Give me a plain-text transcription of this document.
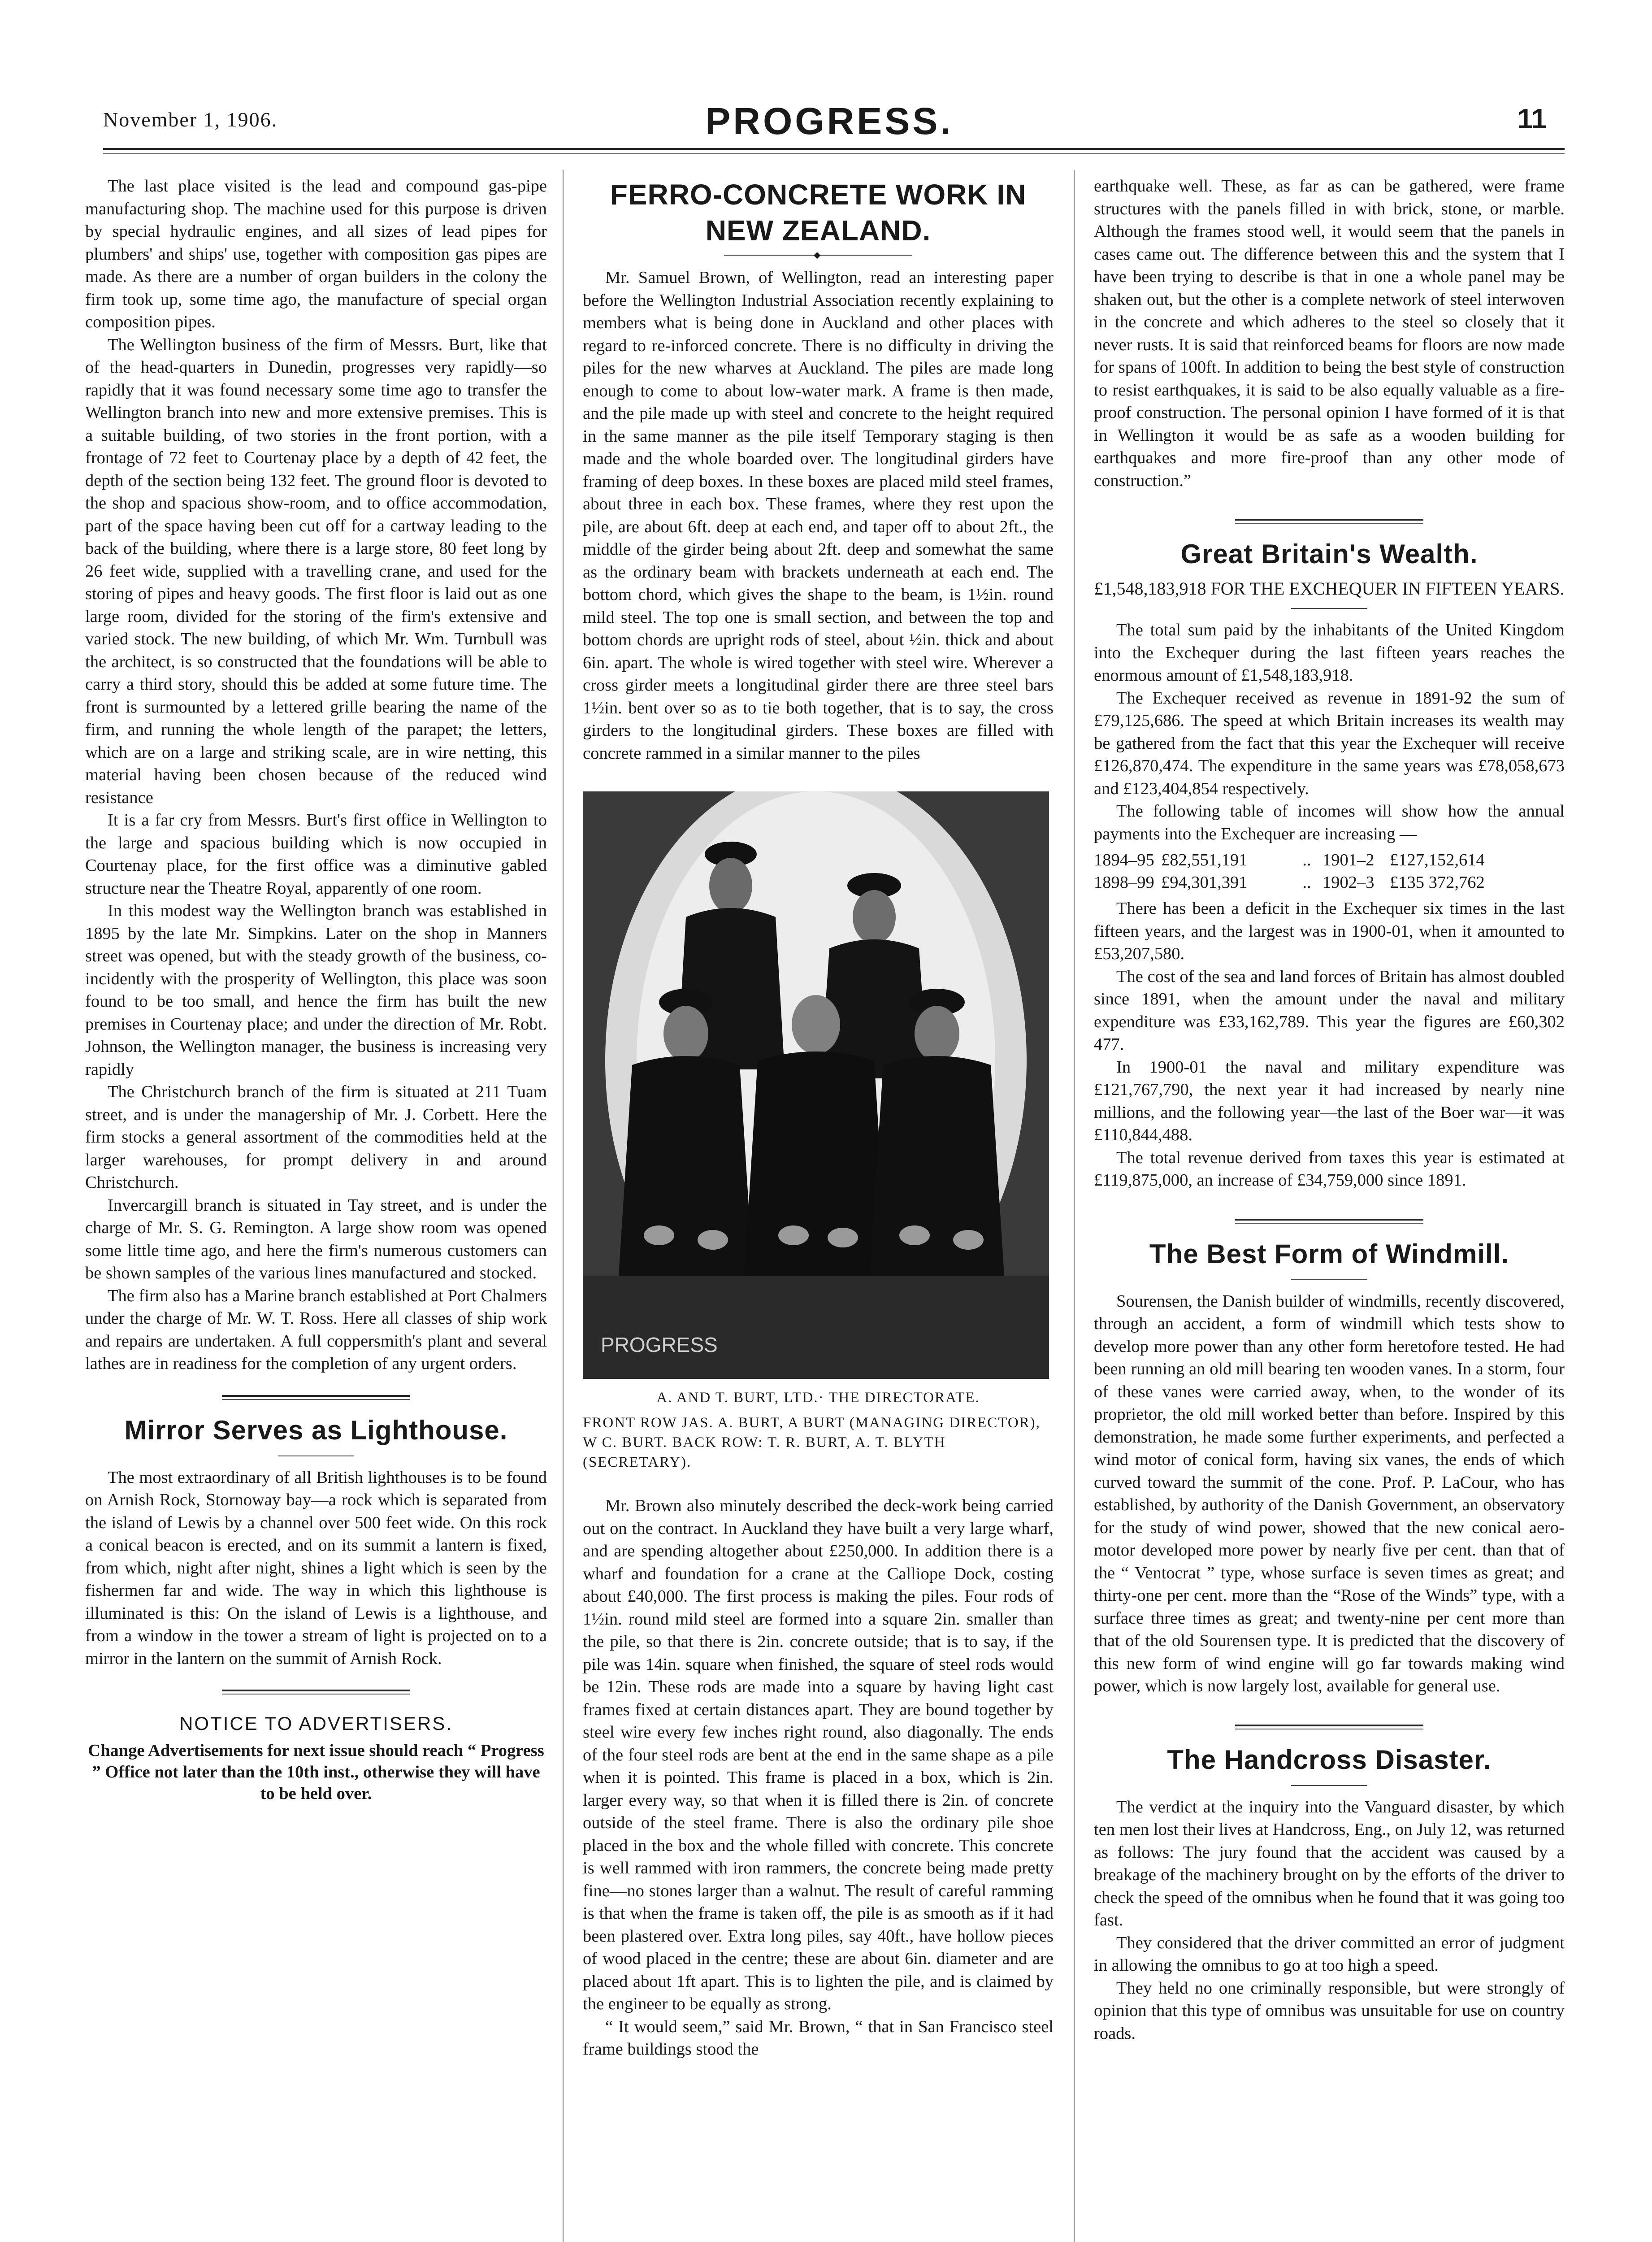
November 1, 1906.	PROGRESS.	11

The last place visited is the lead and compound gas-pipe manufacturing shop. The machine used for this purpose is driven by special hydraulic engines, and all sizes of lead pipes for plumbers' and ships' use, together with composition gas pipes are made. As there are a number of organ builders in the colony the firm took up, some time ago, the manufacture of special organ composition pipes.

The Wellington business of the firm of Messrs. Burt, like that of the head-quarters in Dunedin, progresses very rapidly—so rapidly that it was found necessary some time ago to transfer the Wellington branch into new and more extensive premises. This is a suitable building, of two stories in the front portion, with a frontage of 72 feet to Courtenay place by a depth of 42 feet, the depth of the section being 132 feet. The ground floor is devoted to the shop and spacious show-room, and to office accommodation, part of the space having been cut off for a cartway leading to the back of the building, where there is a large store, 80 feet long by 26 feet wide, supplied with a travelling crane, and used for the storing of pipes and heavy goods. The first floor is laid out as one large room, divided for the storing of the firm's extensive and varied stock. The new building, of which Mr. Wm. Turnbull was the architect, is so constructed that the foundations will be able to carry a third story, should this be added at some future time. The front is surmounted by a lettered grille bearing the name of the firm, and running the whole length of the parapet; the letters, which are on a large and striking scale, are in wire netting, this material having been chosen because of the reduced wind resistance

It is a far cry from Messrs. Burt's first office in Wellington to the large and spacious building which is now occupied in Courtenay place, for the first office was a diminutive gabled structure near the Theatre Royal, apparently of one room.

In this modest way the Wellington branch was established in 1895 by the late Mr. Simpkins. Later on the shop in Manners street was opened, but with the steady growth of the business, co-incidently with the prosperity of Wellington, this place was soon found to be too small, and hence the firm has built the new premises in Courtenay place; and under the direction of Mr. Robt. Johnson, the Wellington manager, the business is increasing very rapidly

The Christchurch branch of the firm is situated at 211 Tuam street, and is under the managership of Mr. J. Corbett. Here the firm stocks a general assortment of the commodities held at the larger warehouses, for prompt delivery in and around Christchurch.

Invercargill branch is situated in Tay street, and is under the charge of Mr. S. G. Remington. A large show room was opened some little time ago, and here the firm's numerous customers can be shown samples of the various lines manufactured and stocked.

The firm also has a Marine branch established at Port Chalmers under the charge of Mr. W. T. Ross. Here all classes of ship work and repairs are undertaken. A full coppersmith's plant and several lathes are in readiness for the completion of any urgent orders.

Mirror Serves as Lighthouse.

The most extraordinary of all British lighthouses is to be found on Arnish Rock, Stornoway bay—a rock which is separated from the island of Lewis by a channel over 500 feet wide. On this rock a conical beacon is erected, and on its summit a lantern is fixed, from which, night after night, shines a light which is seen by the fishermen far and wide. The way in which this lighthouse is illuminated is this: On the island of Lewis is a lighthouse, and from a window in the tower a stream of light is projected on to a mirror in the lantern on the summit of Arnish Rock.

NOTICE TO ADVERTISERS.

Change Advertisements for next issue should reach “ Progress ” Office not later than the 10th inst., otherwise they will have to be held over.

FERRO-CONCRETE WORK IN NEW ZEALAND.
◆

Mr. Samuel Brown, of Wellington, read an interesting paper before the Wellington Industrial Association recently explaining to members what is being done in Auckland and other places with regard to re-inforced concrete. There is no difficulty in driving the piles for the new wharves at Auckland. The piles are made long enough to come to about low-water mark. A frame is then made, and the pile made up with steel and concrete to the height required in the same manner as the pile itself Temporary staging is then made and the whole boarded over. The longitudinal girders have framing of deep boxes. In these boxes are placed mild steel frames, about three in each box. These frames, where they rest upon the pile, are about 6ft. deep at each end, and taper off to about 2ft., the middle of the girder being about 2ft. deep and somewhat the same as the ordinary beam with brackets underneath at each end. The bottom chord, which gives the shape to the beam, is 1½in. round mild steel. The top one is small section, and between the top and bottom chords are upright rods of steel, about ½in. thick and about 6in. apart. The whole is wired together with steel wire. Wherever a cross girder meets a longitudinal girder there are three steel bars 1½in. bent over so as to tie both together, that is to say, the cross girders to the longitudinal girders. These boxes are filled with concrete rammed in a similar manner to the piles

PROGRESS

A. AND T. BURT, LTD.· THE DIRECTORATE.

FRONT ROW JAS. A. BURT, A BURT (MANAGING DIRECTOR), W C. BURT. BACK ROW: T. R. BURT, A. T. BLYTH (SECRETARY).

Mr. Brown also minutely described the deck-work being carried out on the contract. In Auckland they have built a very large wharf, and are spending altogether about £250,000. In addition there is a wharf and foundation for a crane at the Calliope Dock, costing about £40,000. The first process is making the piles. Four rods of 1½in. round mild steel are formed into a square 2in. smaller than the pile, so that there is 2in. concrete outside; that is to say, if the pile was 14in. square when finished, the square of steel rods would be 12in. These rods are made into a square by having light cast frames fixed at certain distances apart. They are bound together by steel wire every few inches right round, also diagonally. The ends of the four steel rods are bent at the end in the same shape as a pile when it is pointed. This frame is placed in a box, which is 2in. larger every way, so that when it is filled there is 2in. of concrete outside of the steel frame. There is also the ordinary pile shoe placed in the box and the whole filled with concrete. This concrete is well rammed with iron rammers, the concrete being made pretty fine—no stones larger than a walnut. The result of careful ramming is that when the frame is taken off, the pile is as smooth as if it had been plastered over. Extra long piles, say 40ft., have hollow pieces of wood placed in the centre; these are about 6in. diameter and are placed about 1ft apart. This is to lighten the pile, and is claimed by the engineer to be equally as strong.

“ It would seem,” said Mr. Brown, “ that in San Francisco steel frame buildings stood the

earthquake well. These, as far as can be gathered, were frame structures with the panels filled in with brick, stone, or marble. Although the frames stood well, it would seem that the panels in cases came out. The difference between this and the system that I have been trying to describe is that in one a whole panel may be shaken out, but the other is a complete network of steel interwoven in the concrete and which adheres to the steel so closely that it never rusts. It is said that reinforced beams for floors are now made for spans of 100ft. In addition to being the best style of construction to resist earthquakes, it is said to be also equally valuable as a fire-proof construction. The personal opinion I have formed of it is that in Wellington it would be as safe as a wooden building for earthquakes and more fire-proof than any other mode of construction.”

Great Britain's Wealth.

£1,548,183,918 FOR THE EXCHEQUER IN FIFTEEN YEARS.

The total sum paid by the inhabitants of the United Kingdom into the Exchequer during the last fifteen years reaches the enormous amount of £1,548,183,918.

The Exchequer received as revenue in 1891-92 the sum of £79,125,686. The speed at which Britain increases its wealth may be gathered from the fact that this year the Exchequer will receive £126,870,474. The expenditure in the same years was £78,058,673 and £123,404,854 respectively.

The following table of incomes will show how the annual payments into the Exchequer are increasing —

1894–95 £82,551,191	.. 1901–2 £127,152,614
1898–99 £94,301,391	.. 1902–3 £135 372,762

There has been a deficit in the Exchequer six times in the last fifteen years, and the largest was in 1900-01, when it amounted to £53,207,580.

The cost of the sea and land forces of Britain has almost doubled since 1891, when the amount under the naval and military expenditure was £33,162,789. This year the figures are £60,302 477.

In 1900-01 the naval and military expenditure was £121,767,790, the next year it had increased by nearly nine millions, and the following year—the last of the Boer war—it was £110,844,488.

The total revenue derived from taxes this year is estimated at £119,875,000, an increase of £34,759,000 since 1891.

The Best Form of Windmill.

Sourensen, the Danish builder of windmills, recently discovered, through an accident, a form of windmill which tests show to develop more power than any other form heretofore tested. He had been running an old mill bearing ten wooden vanes. In a storm, four of these vanes were carried away, when, to the wonder of its proprietor, the old mill worked better than before. Inspired by this demonstration, he made some further experiments, and perfected a wind motor of conical form, having six vanes, the ends of which curved toward the summit of the cone. Prof. P. LaCour, who has established, by authority of the Danish Government, an observatory for the study of wind power, showed that the new conical aero-motor developed more power by nearly five per cent. than that of the “ Ventocrat ” type, whose surface is seven times as great; and thirty-one per cent. more than the “Rose of the Winds” type, with a surface three times as great; and twenty-nine per cent more than that of the old Sourensen type. It is predicted that the discovery of this new form of wind engine will go far towards making wind power, which is now largely lost, available for general use.

The Handcross Disaster.

The verdict at the inquiry into the Vanguard disaster, by which ten men lost their lives at Handcross, Eng., on July 12, was returned as follows: The jury found that the accident was caused by a breakage of the machinery brought on by the efforts of the driver to check the speed of the omnibus when he found that it was going too fast.

They considered that the driver committed an error of judgment in allowing the omnibus to go at too high a speed.

They held no one criminally responsible, but were strongly of opinion that this type of omnibus was unsuitable for use on country roads.
